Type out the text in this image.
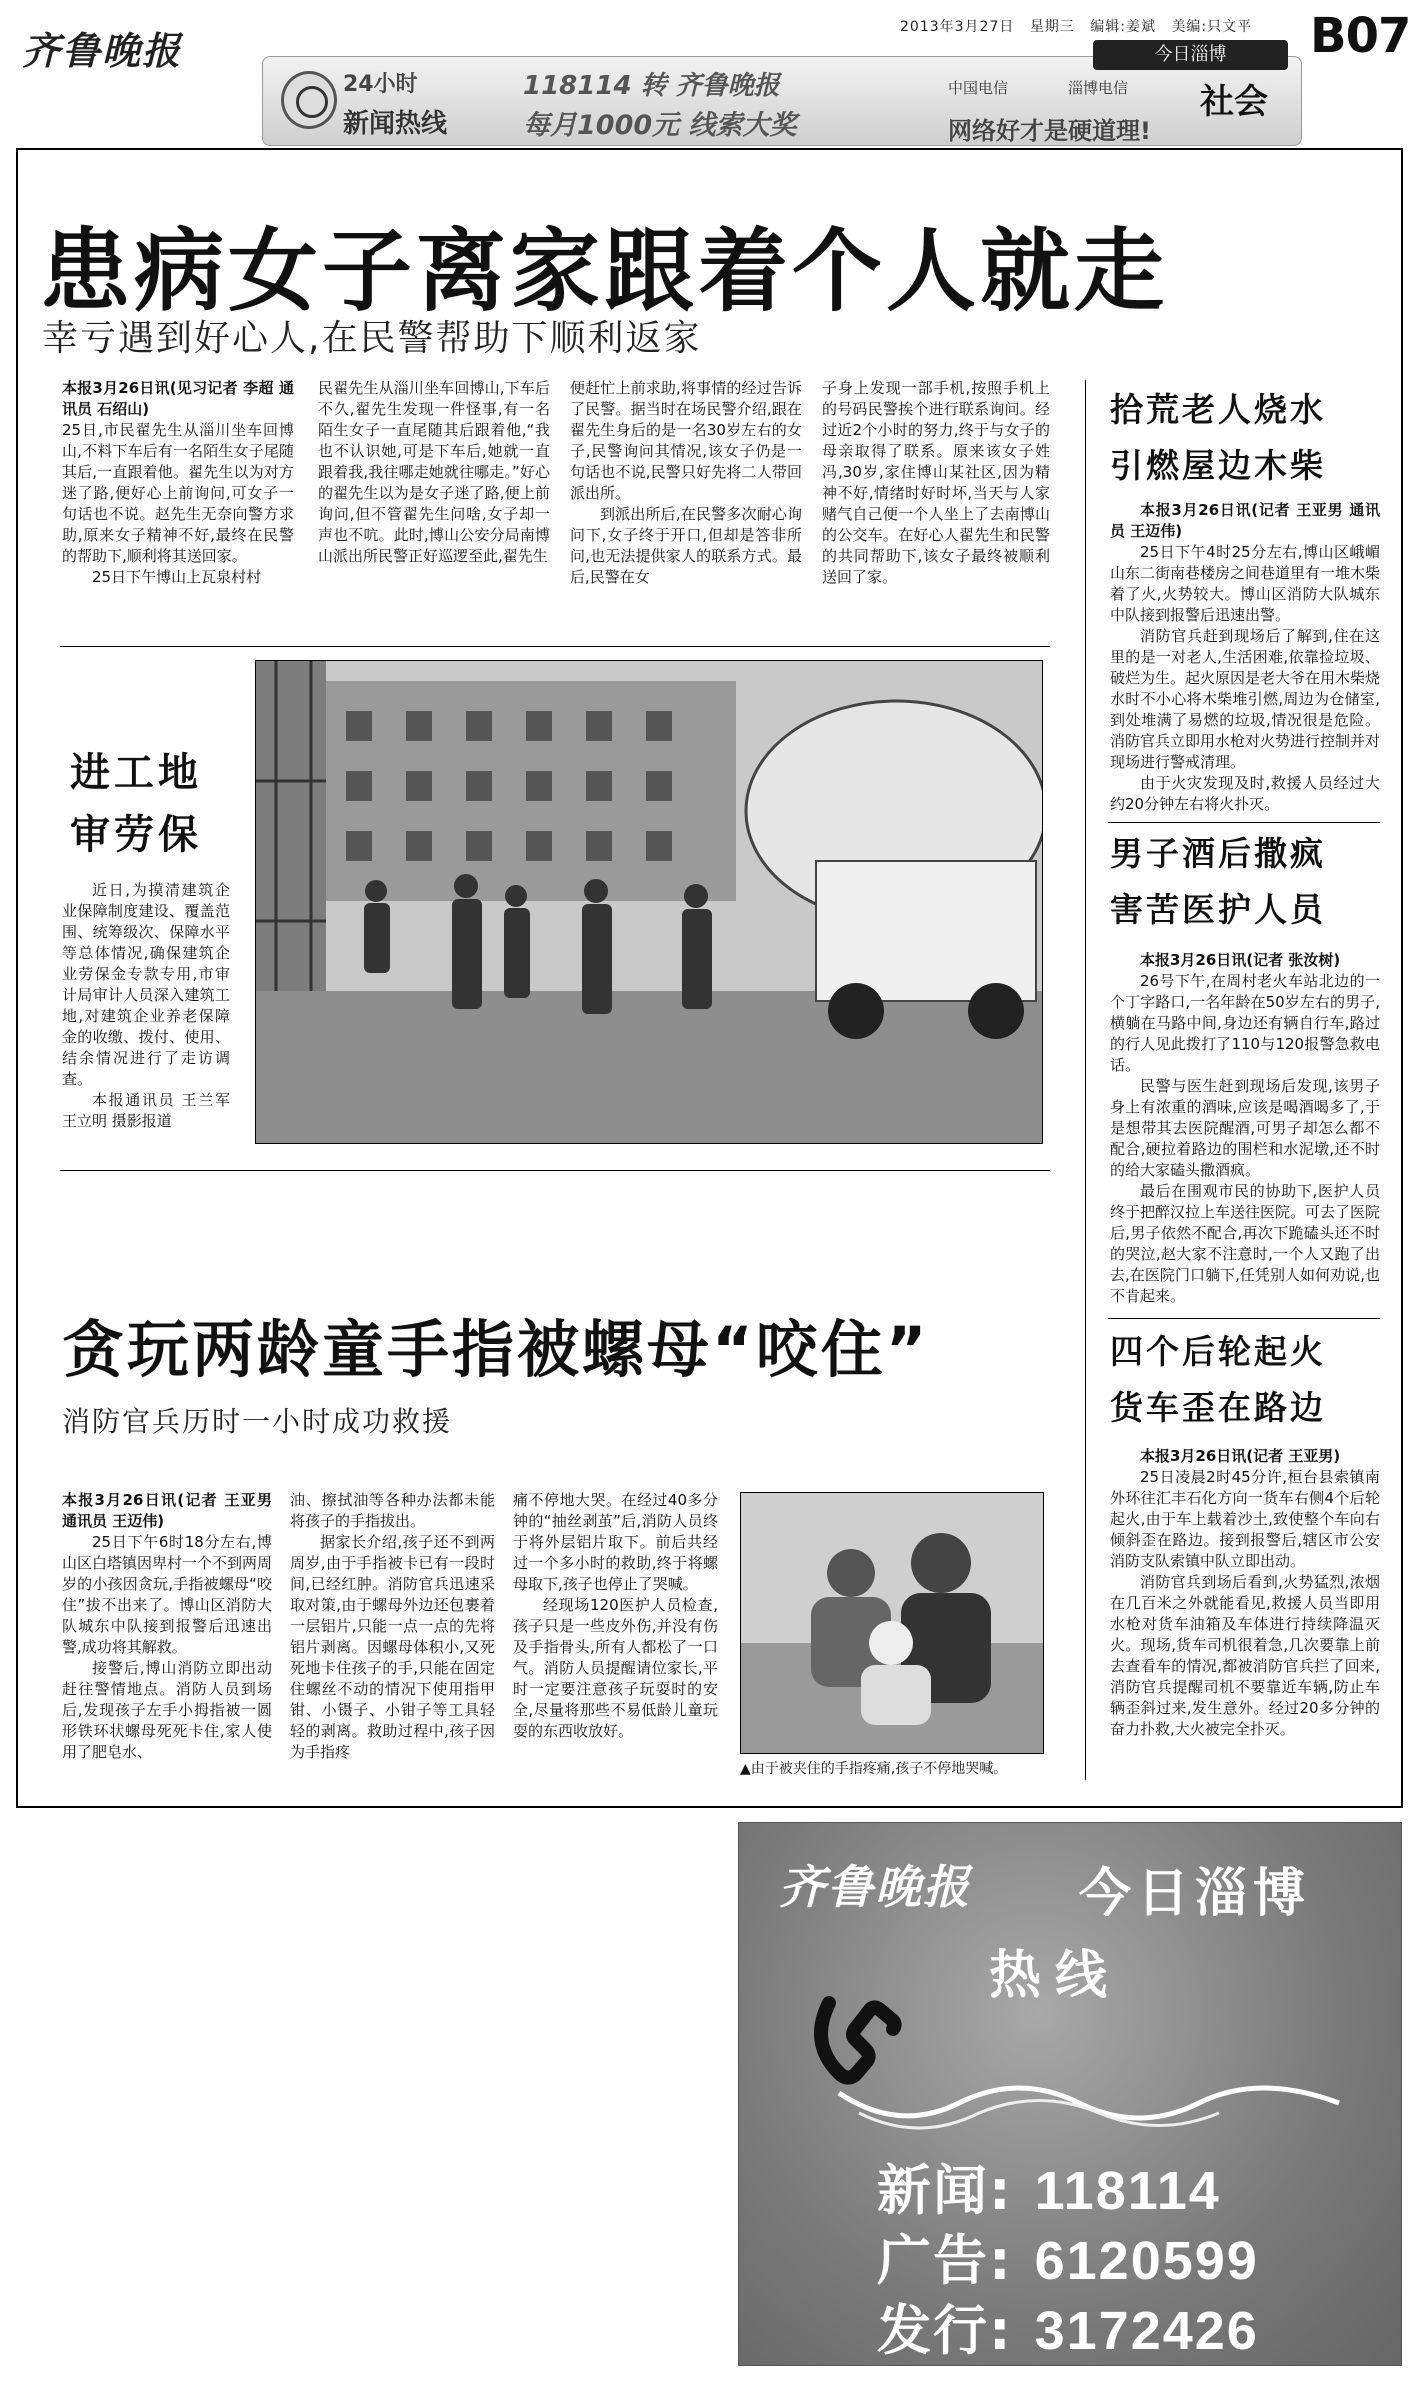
齐鲁晚报
2013年3月27日 星期三 编辑:姜斌 美编:只文平 B07
24小时
新闻热线
118114 转 齐鲁晚报
每月1000元 线索大奖
中国电信	淄博电信
网络好才是硬道理!
今日淄博
社会
患病女子离家跟着个人就走
幸亏遇到好心人,在民警帮助下顺利返家

本报3月26日讯(见习记者 李超 通讯员 石绍山)

25日,市民翟先生从淄川坐车回博山,不料下车后有一名陌生女子尾随其后,一直跟着他。翟先生以为对方迷了路,便好心上前询问,可女子一句话也不说。赵先生无奈向警方求助,原来女子精神不好,最终在民警的帮助下,顺利将其送回家。

25日下午博山上瓦泉村村

民翟先生从淄川坐车回博山,下车后不久,翟先生发现一件怪事,有一名陌生女子一直尾随其后跟着他,“我也不认识她,可是下车后,她就一直跟着我,我往哪走她就往哪走。”好心的翟先生以为是女子迷了路,便上前询问,但不管翟先生问啥,女子却一声也不吭。此时,博山公安分局南博山派出所民警正好巡逻至此,翟先生

便赶忙上前求助,将事情的经过告诉了民警。据当时在场民警介绍,跟在翟先生身后的是一名30岁左右的女子,民警询问其情况,该女子仍是一句话也不说,民警只好先将二人带回派出所。

到派出所后,在民警多次耐心询问下,女子终于开口,但却是答非所问,也无法提供家人的联系方式。最后,民警在女

子身上发现一部手机,按照手机上的号码民警挨个进行联系询问。经过近2个小时的努力,终于与女子的母亲取得了联系。原来该女子姓冯,30岁,家住博山某社区,因为精神不好,情绪时好时坏,当天与人家赌气自己便一个人坐上了去南博山的公交车。在好心人翟先生和民警的共同帮助下,该女子最终被顺利送回了家。

进工地
审劳保

近日,为摸清建筑企业保障制度建设、覆盖范围、统筹级次、保障水平等总体情况,确保建筑企业劳保金专款专用,市审计局审计人员深入建筑工地,对建筑企业养老保障金的收缴、拨付、使用、结余情况进行了走访调查。

本报通讯员 王兰军 王立明 摄影报道

拾荒老人烧水
引燃屋边木柴

本报3月26日讯(记者 王亚男 通讯员 王迈伟)

25日下午4时25分左右,博山区峨嵋山东二街南巷楼房之间巷道里有一堆木柴着了火,火势较大。博山区消防大队城东中队接到报警后迅速出警。

消防官兵赶到现场后了解到,住在这里的是一对老人,生活困难,依靠捡垃圾、破烂为生。起火原因是老大爷在用木柴烧水时不小心将木柴堆引燃,周边为仓储室,到处堆满了易燃的垃圾,情况很是危险。消防官兵立即用水枪对火势进行控制并对现场进行警戒清理。

由于火灾发现及时,救援人员经过大约20分钟左右将火扑灭。

男子酒后撒疯
害苦医护人员

本报3月26日讯(记者 张汝树)

26号下午,在周村老火车站北边的一个丁字路口,一名年龄在50岁左右的男子,横躺在马路中间,身边还有辆自行车,路过的行人见此拨打了110与120报警急救电话。

民警与医生赶到现场后发现,该男子身上有浓重的酒味,应该是喝酒喝多了,于是想带其去医院醒酒,可男子却怎么都不配合,硬拉着路边的围栏和水泥墩,还不时的给大家磕头撒酒疯。

最后在围观市民的协助下,医护人员终于把醉汉拉上车送往医院。可去了医院后,男子依然不配合,再次下跪磕头还不时的哭泣,赵大家不注意时,一个人又跑了出去,在医院门口躺下,任凭别人如何劝说,也不肯起来。

四个后轮起火
货车歪在路边

本报3月26日讯(记者 王亚男)

25日凌晨2时45分许,桓台县索镇南外环往汇丰石化方向一货车右侧4个后轮起火,由于车上载着沙土,致使整个车向右倾斜歪在路边。接到报警后,辖区市公安消防支队索镇中队立即出动。

消防官兵到场后看到,火势猛烈,浓烟在几百米之外就能看见,救援人员当即用水枪对货车油箱及车体进行持续降温灭火。现场,货车司机很着急,几次要靠上前去查看车的情况,都被消防官兵拦了回来,消防官兵提醒司机不要靠近车辆,防止车辆歪斜过来,发生意外。经过20多分钟的奋力扑救,大火被完全扑灭。

贪玩两龄童手指被螺母“咬住”
消防官兵历时一小时成功救援

本报3月26日讯(记者 王亚男 通讯员 王迈伟)

25日下午6时18分左右,博山区白塔镇因卑村一个不到两周岁的小孩因贪玩,手指被螺母“咬住”拔不出来了。博山区消防大队城东中队接到报警后迅速出警,成功将其解救。

接警后,博山消防立即出动赶往警情地点。消防人员到场后,发现孩子左手小拇指被一圆形铁环状螺母死死卡住,家人使用了肥皂水、

油、擦拭油等各种办法都未能将孩子的手指拔出。

据家长介绍,孩子还不到两周岁,由于手指被卡已有一段时间,已经红肿。消防官兵迅速采取对策,由于螺母外边还包裹着一层铝片,只能一点一点的先将铝片剥离。因螺母体积小,又死死地卡住孩子的手,只能在固定住螺丝不动的情况下使用指甲钳、小镊子、小钳子等工具轻轻的剥离。救助过程中,孩子因为手指疼

痛不停地大哭。在经过40多分钟的“抽丝剥茧”后,消防人员终于将外层铝片取下。前后共经过一个多小时的救助,终于将螺母取下,孩子也停止了哭喊。

经现场120医护人员检查,孩子只是一些皮外伤,并没有伤及手指骨头,所有人都松了一口气。消防人员提醒请位家长,平时一定要注意孩子玩耍时的安全,尽量将那些不易低龄儿童玩耍的东西收放好。

▲由于被夹住的手指疼痛,孩子不停地哭喊。
齐鲁晚报 今日淄博
热线
新闻: 118114
广告: 6120599
发行: 3172426
